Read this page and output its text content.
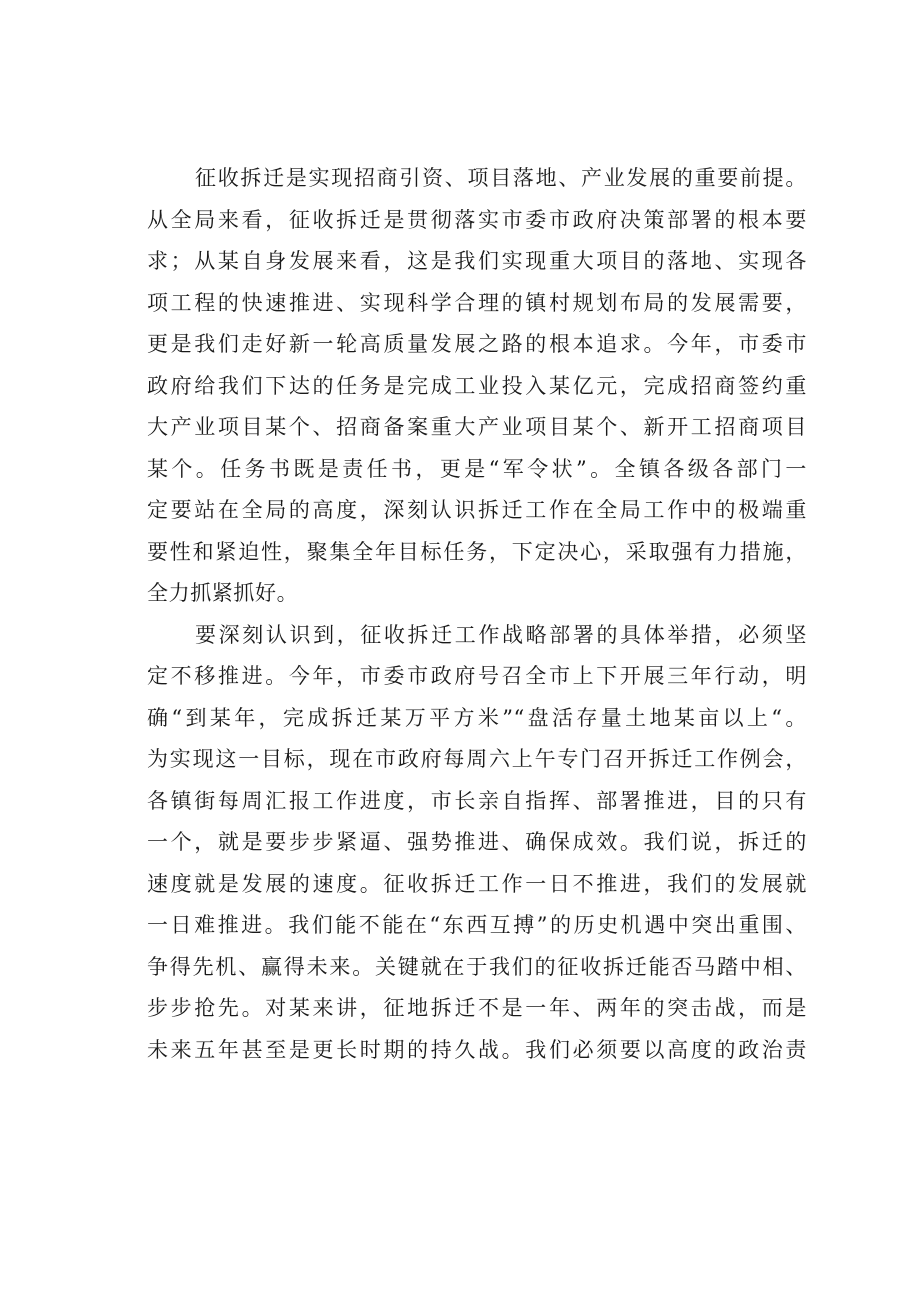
征收拆迁是实现招商引资、项目落地、产业发展的重要前提。
从全局来看，征收拆迁是贯彻落实市委市政府决策部署的根本要
求；从某自身发展来看，这是我们实现重大项目的落地、实现各
项工程的快速推进、实现科学合理的镇村规划布局的发展需要，
更是我们走好新一轮高质量发展之路的根本追求。今年，市委市
政府给我们下达的任务是完成工业投入某亿元，完成招商签约重
大产业项目某个、招商备案重大产业项目某个、新开工招商项目
某个。任务书既是责任书，更是“军令状”。全镇各级各部门一
定要站在全局的高度，深刻认识拆迁工作在全局工作中的极端重
要性和紧迫性，聚集全年目标任务，下定决心，采取强有力措施，
全力抓紧抓好。
要深刻认识到，征收拆迁工作战略部署的具体举措，必须坚
定不移推进。今年，市委市政府号召全市上下开展三年行动，明
确“到某年，完成拆迁某万平方米”“盘活存量土地某亩以上“。
为实现这一目标，现在市政府每周六上午专门召开拆迁工作例会，
各镇街每周汇报工作进度，市长亲自指挥、部署推进，目的只有
一个，就是要步步紧逼、强势推进、确保成效。我们说，拆迁的
速度就是发展的速度。征收拆迁工作一日不推进，我们的发展就
一日难推进。我们能不能在“东西互搏”的历史机遇中突出重围、
争得先机、赢得未来。关键就在于我们的征收拆迁能否马踏中相、
步步抢先。对某来讲，征地拆迁不是一年、两年的突击战，而是
未来五年甚至是更长时期的持久战。我们必须要以高度的政治责
